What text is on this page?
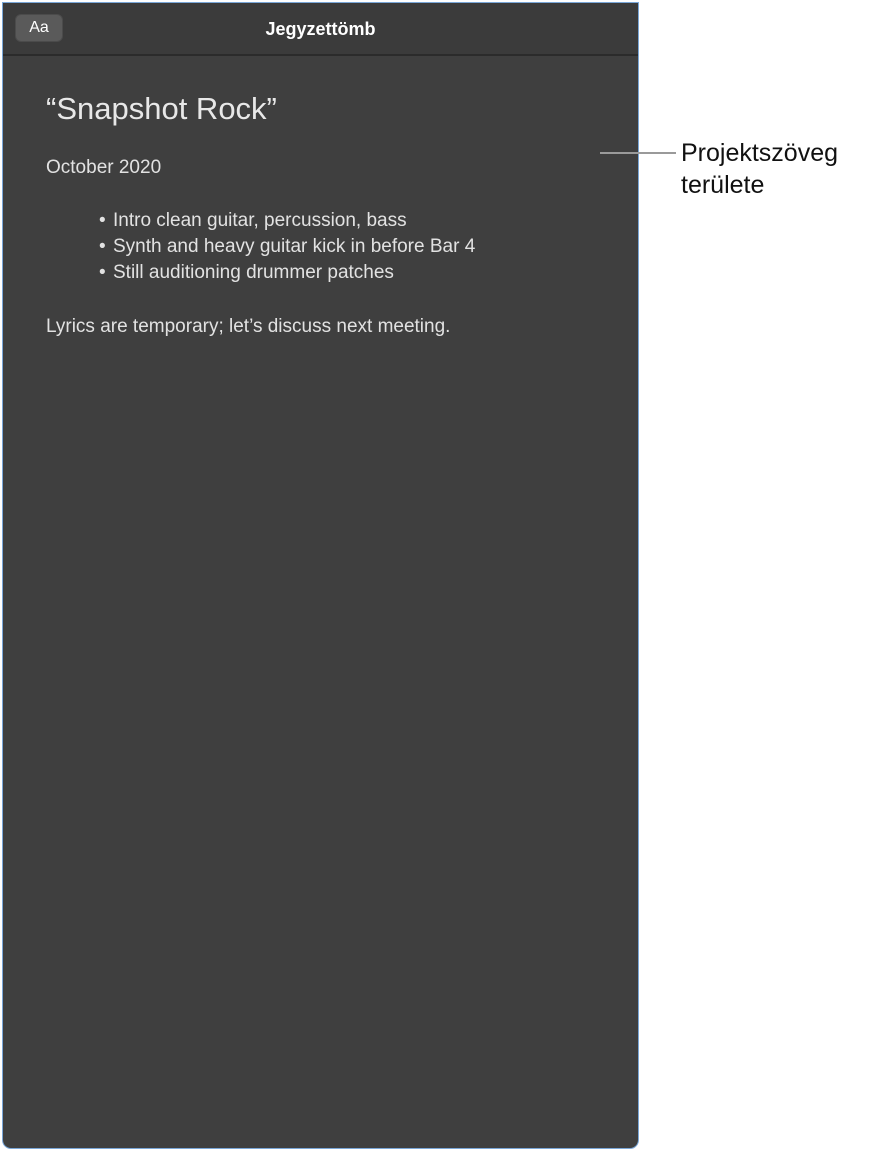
Aa	Jegyzettömb
“Snapshot Rock”
October 2020
• Intro clean guitar, percussion, bass
• Synth and heavy guitar kick in before Bar 4
• Still auditioning drummer patches
Lyrics are temporary; let’s discuss next meeting.
Projektszöveg
területe
